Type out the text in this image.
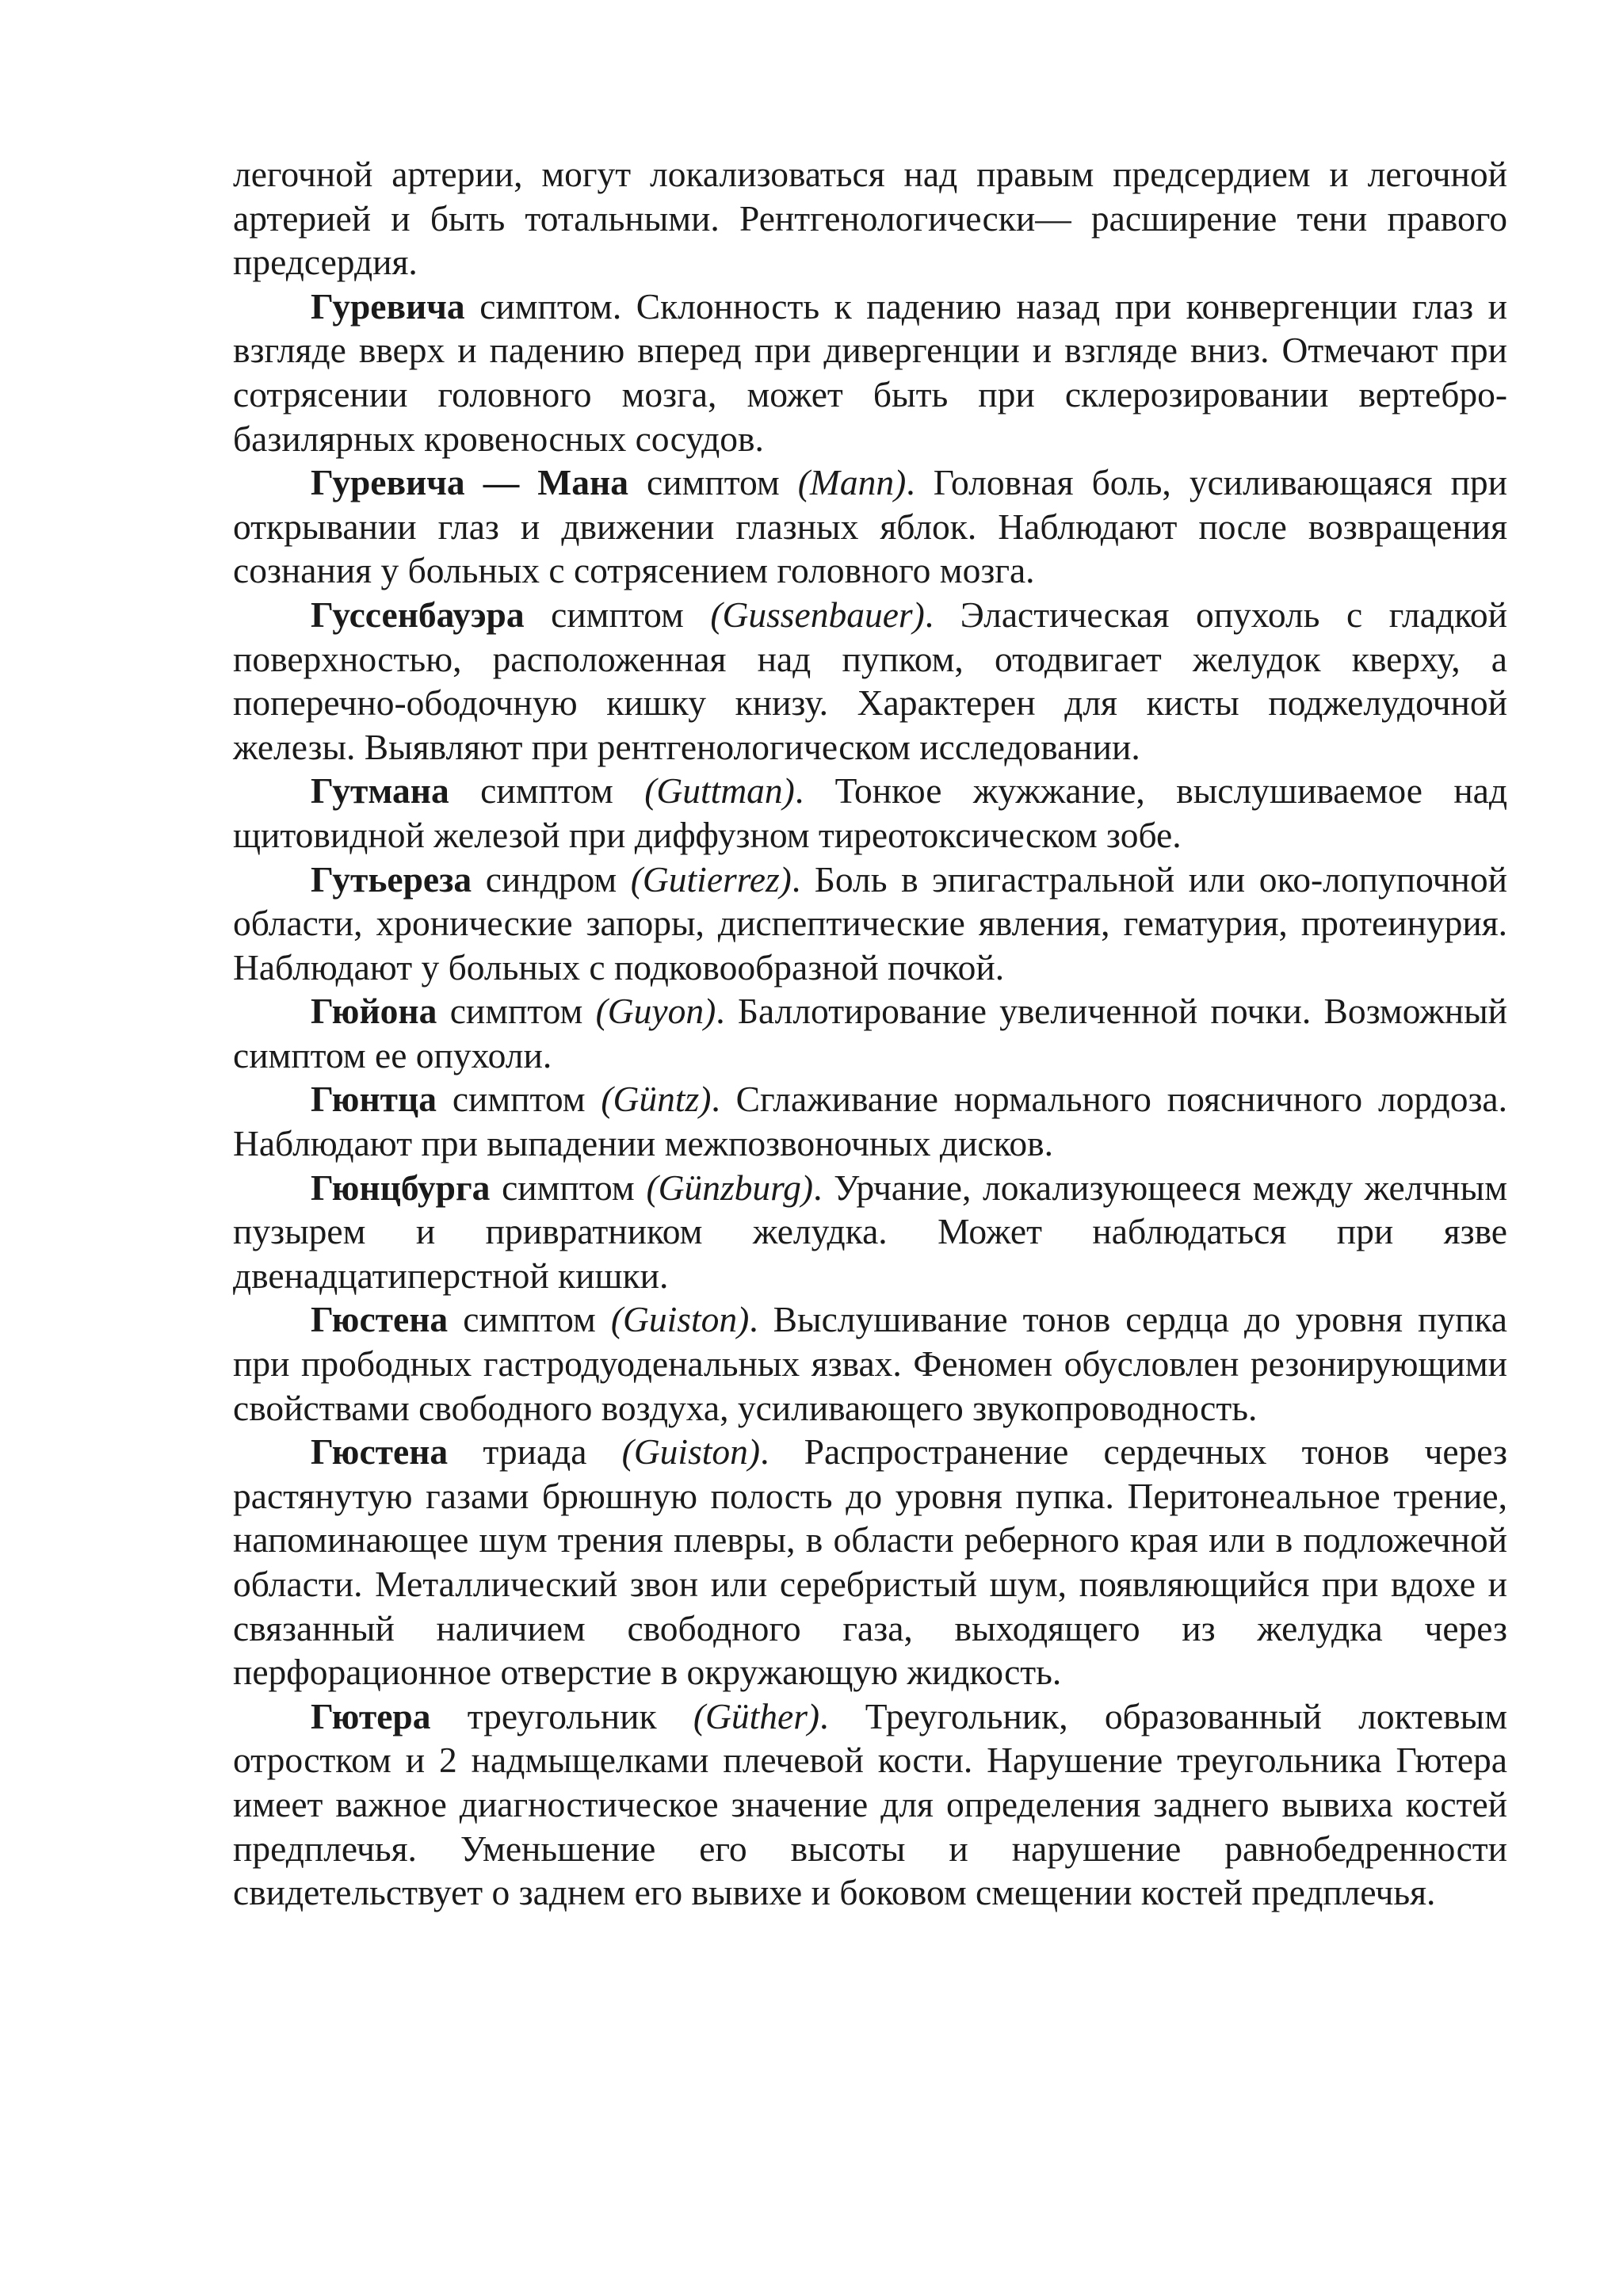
легочной артерии, могут локализоваться над правым предсердием и легочной артерией и быть тотальными. Рентгенологически— расширение тени правого предсердия.

Гуревича симптом. Склонность к падению назад при конвергенции глаз и взгляде вверх и падению вперед при дивергенции и взгляде вниз. Отмечают при сотрясении головного мозга, может быть при склерозировании вертебро-базилярных кровеносных сосудов.

Гуревича — Мана симптом (Mann). Головная боль, усиливающаяся при открывании глаз и движении глазных яблок. Наблюдают после возвращения сознания у больных с сотрясением головного мозга.

Гуссенбауэра симптом (Gussenbauer). Эластическая опухоль с гладкой поверхностью, расположенная над пупком, отодвигает желудок кверху, а поперечно-ободочную кишку книзу. Характерен для кисты поджелудочной железы. Выявляют при рентгенологическом исследовании.

Гутмана симптом (Guttman). Тонкое жужжание, выслушиваемое над щитовидной железой при диффузном тиреотоксическом зобе.

Гутьереза синдром (Gutierrez). Боль в эпигастральной или око-лопупочной области, хронические запоры, диспептические явления, гематурия, протеинурия. Наблюдают у больных с подковообразной почкой.

Гюйона симптом (Guyon). Баллотирование увеличенной почки. Возможный симптом ее опухоли.

Гюнтца симптом (Güntz). Сглаживание нормального поясничного лордоза. Наблюдают при выпадении межпозвоночных дисков.

Гюнцбурга симптом (Günzburg). Урчание, локализующееся между желчным пузырем и привратником желудка. Может наблюдаться при язве двенадцатиперстной кишки.

Гюстена симптом (Guiston). Выслушивание тонов сердца до уровня пупка при прободных гастродуоденальных язвах. Феномен обусловлен резонирующими свойствами свободного воздуха, усиливающего звукопроводность.

Гюстена триада (Guiston). Распространение сердечных тонов через растянутую газами брюшную полость до уровня пупка. Перитонеальное трение, напоминающее шум трения плевры, в области реберного края или в подложечной области. Металлический звон или серебристый шум, появляющийся при вдохе и связанный наличием свободного газа, выходящего из желудка через перфорационное отверстие в окружающую жидкость.

Гютера треугольник (Güther). Треугольник, образованный локтевым отростком и 2 надмыщелками плечевой кости. Нарушение треугольника Гютера имеет важное диагностическое значение для определения заднего вывиха костей предплечья. Уменьшение его высоты и нарушение равнобедренности свидетельствует о заднем его вывихе и боковом смещении костей предплечья.
